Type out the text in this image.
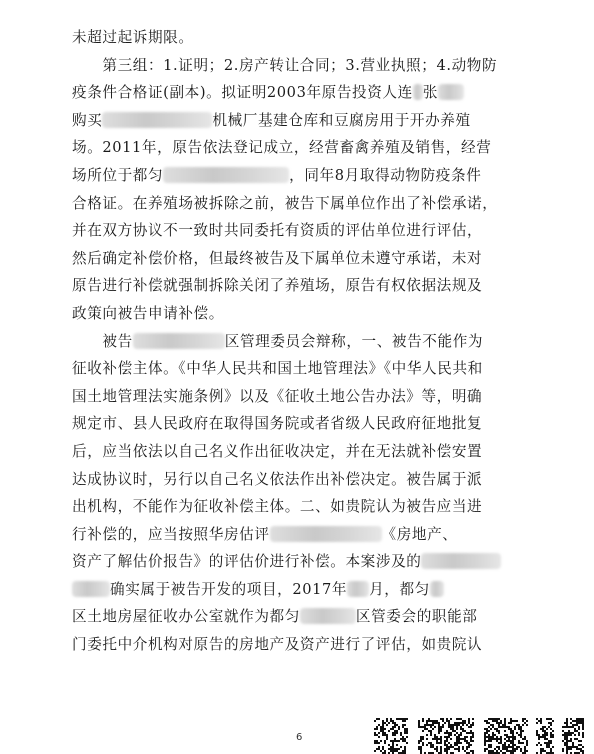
未超过起诉期限。
　　第三组：1.证明；2.房产转让合同；3.营业执照；4.动物防
疫条件合格证(副本)。拟证明2003年原告投资人连 张
购买	机械厂基建仓库和豆腐房用于开办养殖
场。2011年，原告依法登记成立，经营畜禽养殖及销售，经营
场所位于都匀	，同年8月取得动物防疫条件
合格证。在养殖场被拆除之前，被告下属单位作出了补偿承诺，
并在双方协议不一致时共同委托有资质的评估单位进行评估，
然后确定补偿价格，但最终被告及下属单位未遵守承诺，未对
原告进行补偿就强制拆除关闭了养殖场，原告有权依据法规及
政策向被告申请补偿。
　　被告	区管理委员会辩称，一、被告不能作为
征收补偿主体。《中华人民共和国土地管理法》《中华人民共和
国土地管理法实施条例》以及《征收土地公告办法》等，明确
规定市、县人民政府在取得国务院或者省级人民政府征地批复
后，应当依法以自己名义作出征收决定，并在无法就补偿安置
达成协议时，另行以自己名义依法作出补偿决定。被告属于派
出机构，不能作为征收补偿主体。二、如贵院认为被告应当进
行补偿的，应当按照华房估评	《房地产、
资产了解估价报告》的评估价进行补偿。本案涉及的
确实属于被告开发的项目，2017年 月，都匀
区土地房屋征收办公室就作为都匀	区管委会的职能部
门委托中介机构对原告的房地产及资产进行了评估，如贵院认
6
